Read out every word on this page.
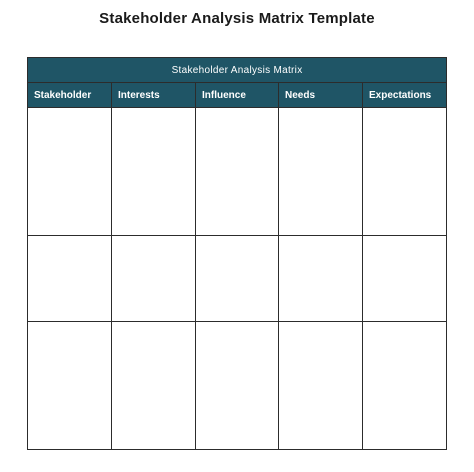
Stakeholder Analysis Matrix Template
Stakeholder Analysis Matrix				
Stakeholder	Interests	Influence	Needs	Expectations
